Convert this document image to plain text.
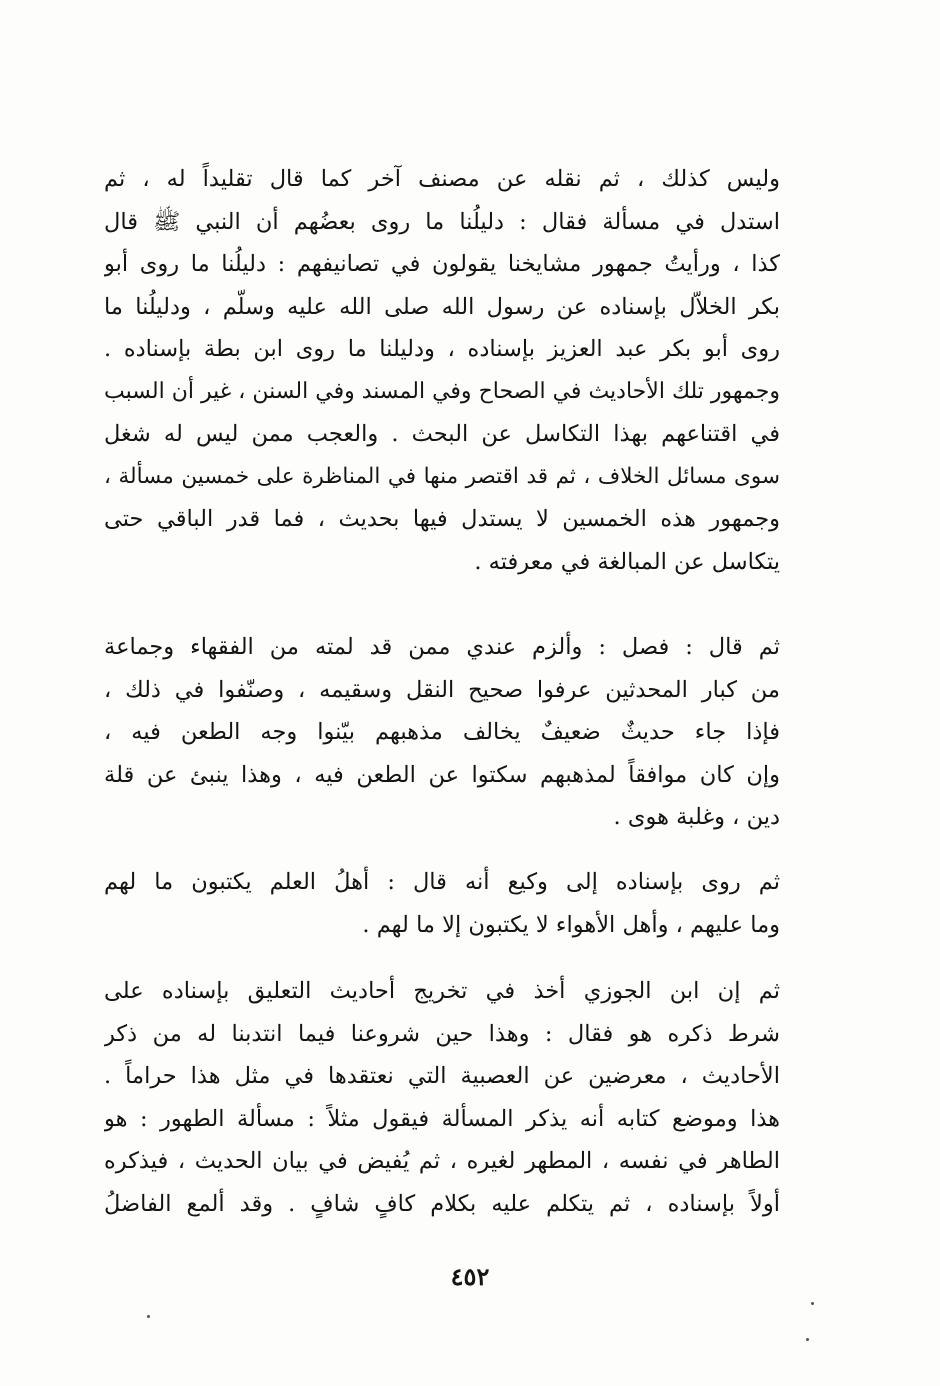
وليس كذلك ، ثم نقله عن مصنف آخر كما قال تقليداً له ، ثم
استدل في مسألة فقال : دليلُنا ما روى بعضُهم أن النبي ﷺ قال
كذا ، ورأيتُ جمهور مشايخنا يقولون في تصانيفهم : دليلُنا ما روى أبو
بكر الخلاّل بإسناده عن رسول الله صلى الله عليه وسلّم ، ودليلُنا ما
روى أبو بكر عبد العزيز بإسناده ، ودليلنا ما روى ابن بطة بإسناده .
وجمهور تلك الأحاديث في الصحاح وفي المسند وفي السنن ، غير أن السبب
في اقتناعهم بهذا التكاسل عن البحث . والعجب ممن ليس له شغل
سوى مسائل الخلاف ، ثم قد اقتصر منها في المناظرة على خمسين مسألة ،
وجمهور هذه الخمسين لا يستدل فيها بحديث ، فما قدر الباقي حتى
يتكاسل عن المبالغة في معرفته .
ثم قال : فصل : وألزم عندي ممن قد لمته من الفقهاء وجماعة
من كبار المحدثين عرفوا صحيح النقل وسقيمه ، وصنّفوا في ذلك ،
فإذا جاء حديثٌ ضعيفٌ يخالف مذهبهم بيّنوا وجه الطعن فيه ،
وإن كان موافقاً لمذهبهم سكتوا عن الطعن فيه ، وهذا ينبئ عن قلة
دين ، وغلبة هوى .
ثم روى بإسناده إلى وكيع أنه قال : أهلُ العلم يكتبون ما لهم
وما عليهم ، وأهل الأهواء لا يكتبون إلا ما لهم .
ثم إن ابن الجوزي أخذ في تخريج أحاديث التعليق بإسناده على
شرط ذكره هو فقال : وهذا حين شروعنا فيما انتدبنا له من ذكر
الأحاديث ، معرضين عن العصبية التي نعتقدها في مثل هذا حراماً .
هذا وموضع كتابه أنه يذكر المسألة فيقول مثلاً : مسألة الطهور : هو
الطاهر في نفسه ، المطهر لغيره ، ثم يُفيض في بيان الحديث ، فيذكره
أولاً بإسناده ، ثم يتكلم عليه بكلام كافٍ شافٍ . وقد ألمع الفاضلُ
٤٥٢
